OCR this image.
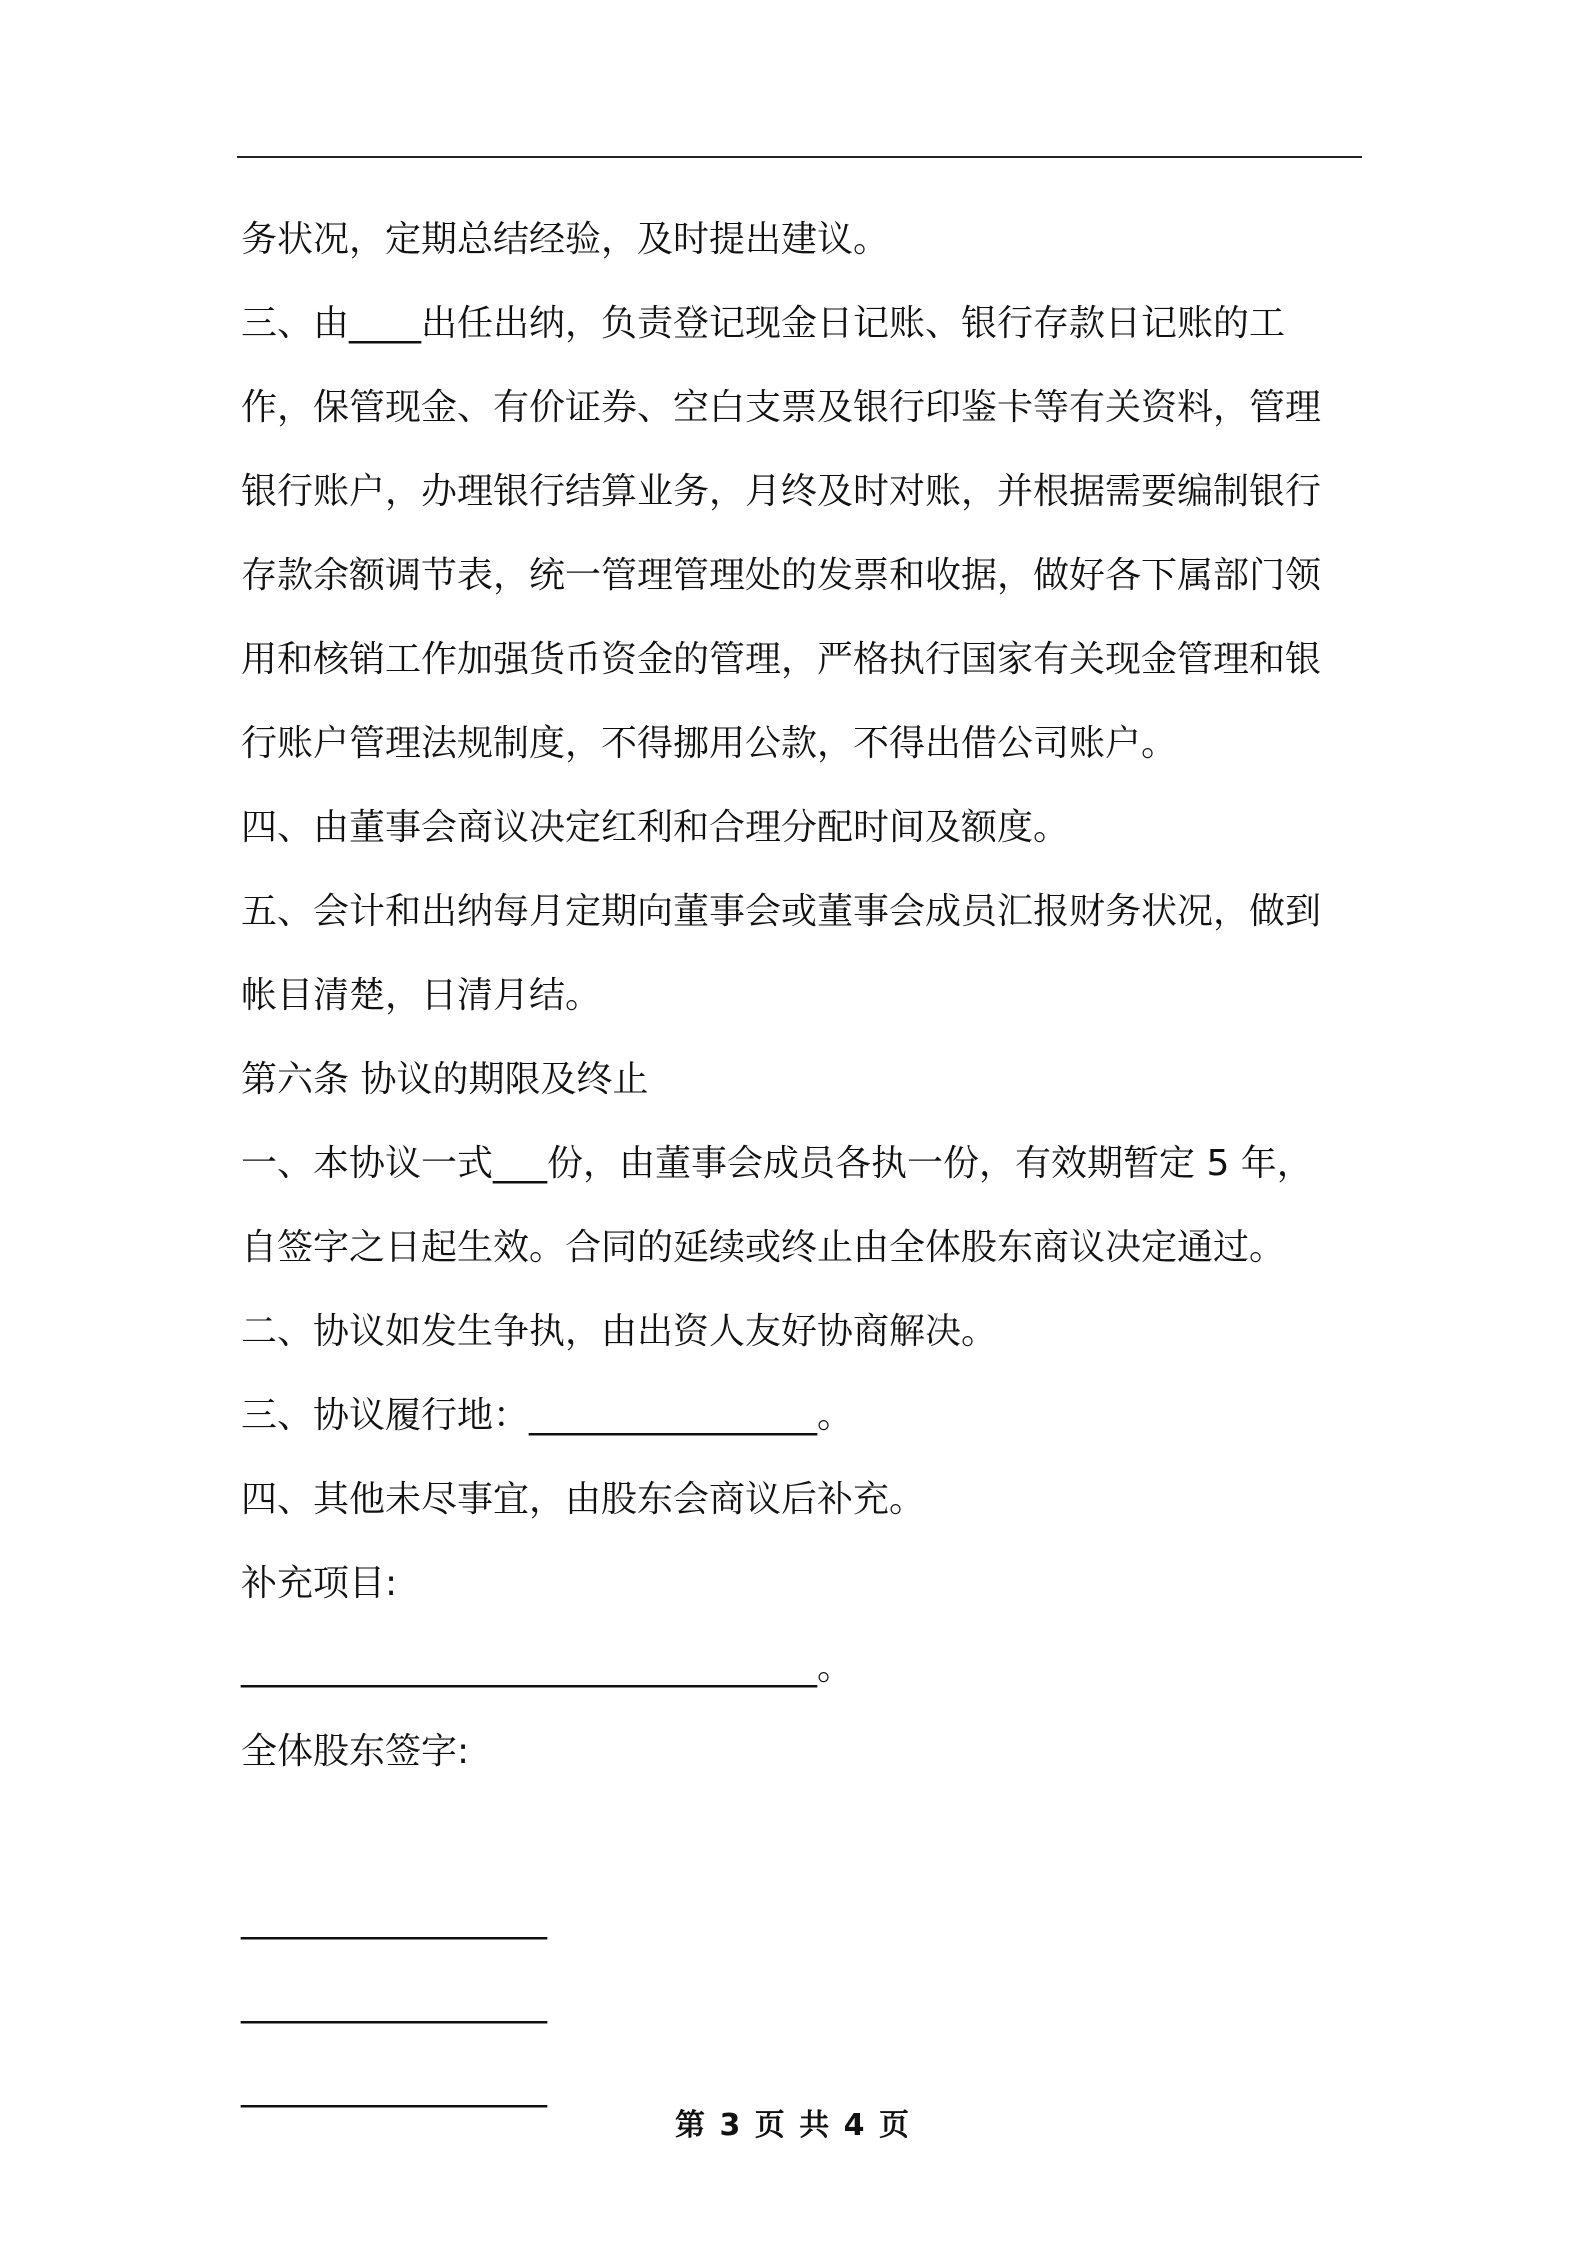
务状况，定期总结经验，及时提出建议。
三、由____出任出纳，负责登记现金日记账、银行存款日记账的工
作，保管现金、有价证券、空白支票及银行印鉴卡等有关资料，管理
银行账户，办理银行结算业务，月终及时对账，并根据需要编制银行
存款余额调节表，统一管理管理处的发票和收据，做好各下属部门领
用和核销工作加强货币资金的管理，严格执行国家有关现金管理和银
行账户管理法规制度，不得挪用公款，不得出借公司账户。
四、由董事会商议决定红利和合理分配时间及额度。
五、会计和出纳每月定期向董事会或董事会成员汇报财务状况，做到
帐目清楚，日清月结。
第六条 协议的期限及终止
一、本协议一式___份，由董事会成员各执一份，有效期暂定 5 年，
自签字之日起生效。合同的延续或终止由全体股东商议决定通过。
二、协议如发生争执，由出资人友好协商解决。
三、协议履行地：________________。
四、其他未尽事宜，由股东会商议后补充。
补充项目:
________________________________。
全体股东签字:
_________________
_________________
_________________
第 3 页 共 4 页
